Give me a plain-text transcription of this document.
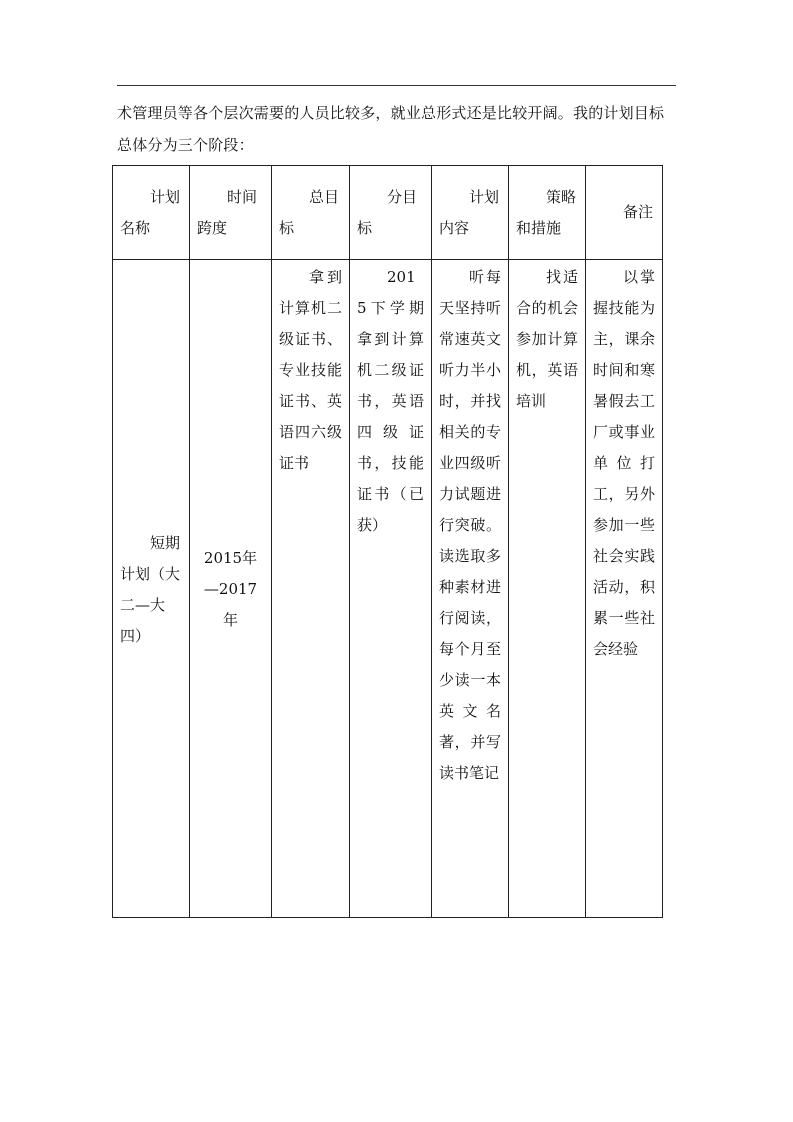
术管理员等各个层次需要的人员比较多，就业总形式还是比较开阔。我的计划目标总体分为三个阶段：
计划名称	时间跨度	总目标	分目标	计划内容	策略和措施	备注
短期计划（大二—大四）	2015年—2017年	拿到计算机二级证书、专业技能证书、英语四六级证书	2015下学期拿到计算机二级证书，英语四级证书，技能证书（已获）	听每天坚持听常速英文听力半小时，并找相关的专业四级听力试题进行突破。读选取多种素材进行阅读，每个月至少读一本英文名著，并写读书笔记	找适合的机会参加计算机，英语培训	以掌握技能为主，课余时间和寒暑假去工厂或事业单位打工，另外参加一些社会实践活动，积累一些社会经验
